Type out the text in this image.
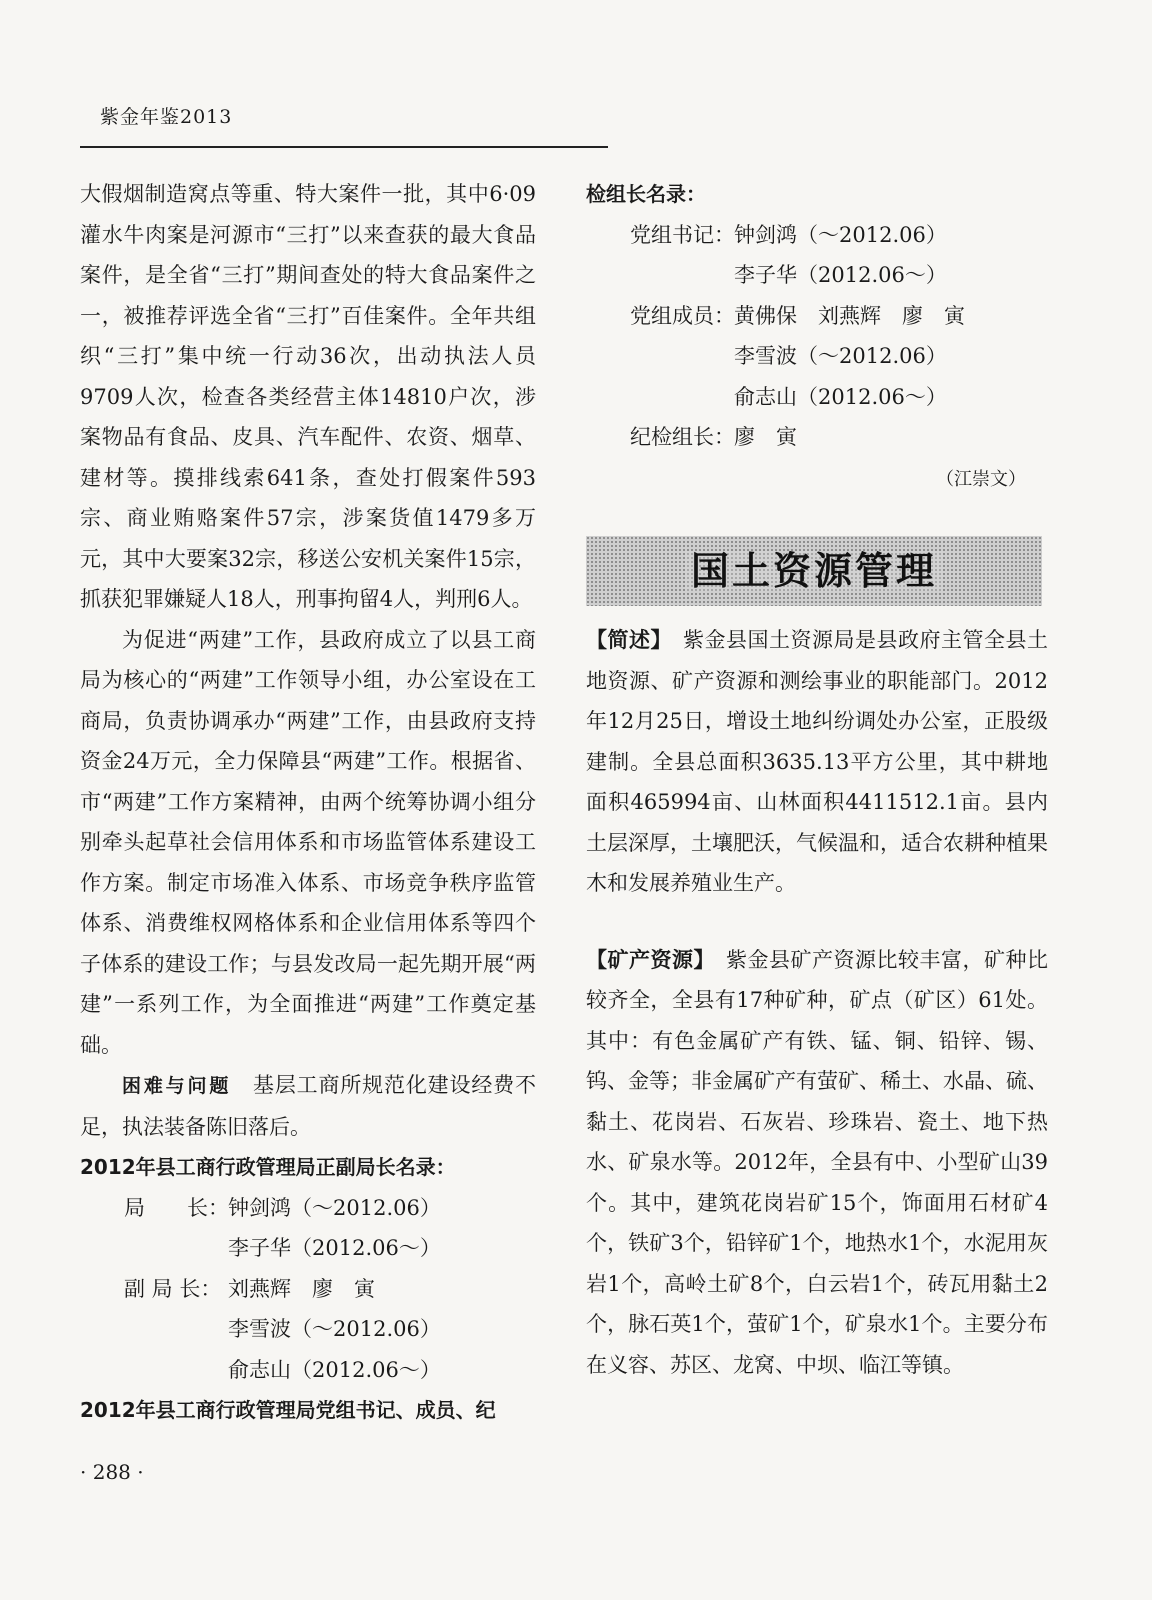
紫金年鉴2013

大假烟制造窝点等重、特大案件一批，其中6·09灌水牛肉案是河源市“三打”以来查获的最大食品案件，是全省“三打”期间查处的特大食品案件之一，被推荐评选全省“三打”百佳案件。全年共组织“三打”集中统一行动36次，出动执法人员9709人次，检查各类经营主体14810户次，涉案物品有食品、皮具、汽车配件、农资、烟草、建材等。摸排线索641条，查处打假案件593宗、商业贿赂案件57宗，涉案货值1479多万元，其中大要案32宗，移送公安机关案件15宗，抓获犯罪嫌疑人18人，刑事拘留4人，判刑6人。

为促进“两建”工作，县政府成立了以县工商局为核心的“两建”工作领导小组，办公室设在工商局，负责协调承办“两建”工作，由县政府支持资金24万元，全力保障县“两建”工作。根据省、市“两建”工作方案精神，由两个统筹协调小组分别牵头起草社会信用体系和市场监管体系建设工作方案。制定市场准入体系、市场竞争秩序监管体系、消费维权网格体系和企业信用体系等四个子体系的建设工作；与县发改局一起先期开展“两建”一系列工作，为全面推进“两建”工作奠定基础。

困难与问题　 基层工商所规范化建设经费不足，执法装备陈旧落后。

2012年县工商行政管理局正副局长名录：
局　　长： 钟剑鸿（～2012.06）
李子华（2012.06～）
副 局 长： 刘燕辉　廖　寅
李雪波（～2012.06）
俞志山（2012.06～）
2012年县工商行政管理局党组书记、成员、纪
检组长名录：
党组书记： 钟剑鸿（～2012.06）
李子华（2012.06～）
党组成员： 黄佛保　刘燕辉　廖　寅
李雪波（～2012.06）
俞志山（2012.06～）
纪检组长： 廖　寅
（江崇文）
国土资源管理

【简述】　 紫金县国土资源局是县政府主管全县土地资源、矿产资源和测绘事业的职能部门。2012年12月25日，增设土地纠纷调处办公室，正股级建制。全县总面积3635.13平方公里，其中耕地面积465994亩、山林面积4411512.1亩。县内土层深厚，土壤肥沃，气候温和，适合农耕种植果木和发展养殖业生产。

【矿产资源】　 紫金县矿产资源比较丰富，矿种比较齐全，全县有17种矿种，矿点（矿区）61处。其中：有色金属矿产有铁、锰、铜、铅锌、锡、钨、金等；非金属矿产有萤矿、稀土、水晶、硫、黏土、花岗岩、石灰岩、珍珠岩、瓷土、地下热水、矿泉水等。2012年，全县有中、小型矿山39个。其中，建筑花岗岩矿15个，饰面用石材矿4个，铁矿3个，铅锌矿1个，地热水1个，水泥用灰岩1个，高岭土矿8个，白云岩1个，砖瓦用黏土2个，脉石英1个，萤矿1个，矿泉水1个。主要分布在义容、苏区、龙窝、中坝、临江等镇。

· 288 ·
